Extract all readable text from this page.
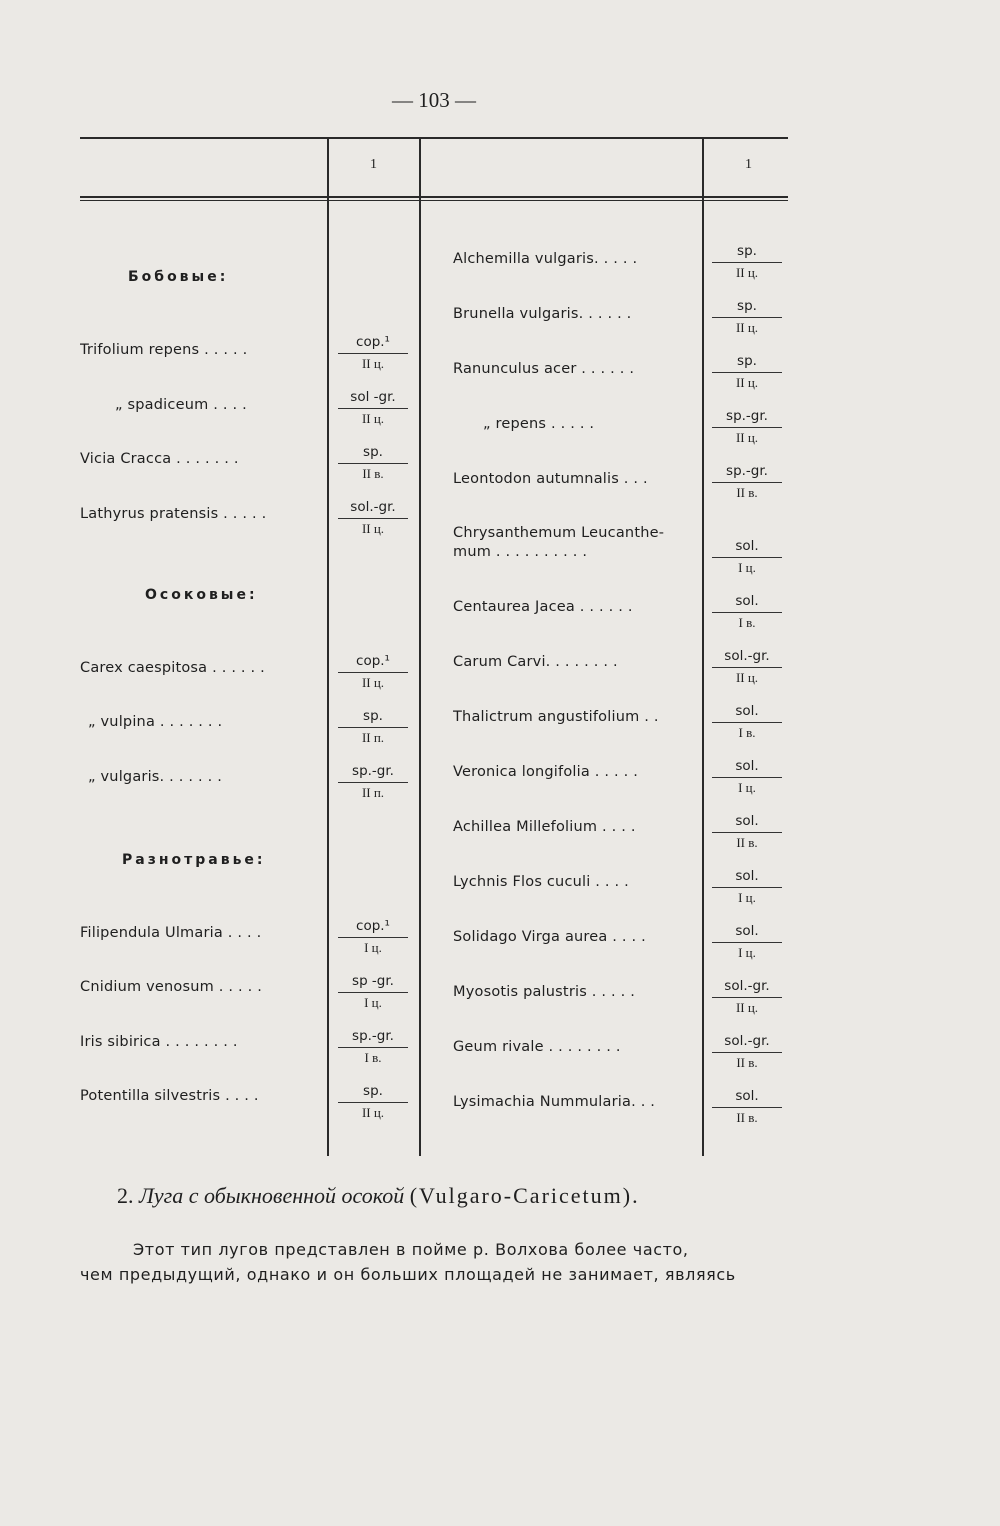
— 103 —
1	1
Бобовые:
Trifolium repens . . . . .	cop.¹
II ц.
„ spadiceum . . . .	sol -gr.
II ц.
Vicia Cracca . . . . . . .	sp.
II в.
Lathyrus pratensis . . . . .	sol.-gr.
II ц.
Осоковые:
Carex caespitosa . . . . . .	cop.¹
II ц.
„ vulpina . . . . . . .	sp.
II п.
„ vulgaris. . . . . . .	sp.-gr.
II п.
Разнотравье:
Filipendula Ulmaria . . . .	cop.¹
I ц.
Cnidium venosum . . . . .	sp -gr.
I ц.
Iris sibirica . . . . . . . .	sp.-gr.
I в.
Potentilla silvestris . . . .	sp.
II ц.
Alchemilla vulgaris. . . . .	sp.
II ц.
Brunella vulgaris. . . . . .	sp.
II ц.
Ranunculus acer . . . . . .	sp.
II ц.
„ repens . . . . .	sp.-gr.
II ц.
Leontodon autumnalis . . .	sp.-gr.
II в.
Chrysanthemum Leucanthe-
mum . . . . . . . . . .	sol.
I ц.
Centaurea Jacea . . . . . .	sol.
I в.
Carum Carvi. . . . . . . .	sol.-gr.
II ц.
Thalictrum angustifolium . .	sol.
I в.
Veronica longifolia . . . . .	sol.
I ц.
Achillea Millefolium . . . .	sol.
II в.
Lychnis Flos cuculi . . . .	sol.
I ц.
Solidago Virga aurea . . . .	sol.
I ц.
Myosotis palustris . . . . .	sol.-gr.
II ц.
Geum rivale . . . . . . . .	sol.-gr.
II в.
Lysimachia Nummularia. . .	sol.
II в.
2. Луга с обыкновенной осокой (Vulgaro-Caricetum).
Этот тип лугов представлен в пойме р. Волхова более часто,
чем предыдущий, однако и он больших площадей не занимает, являясь
